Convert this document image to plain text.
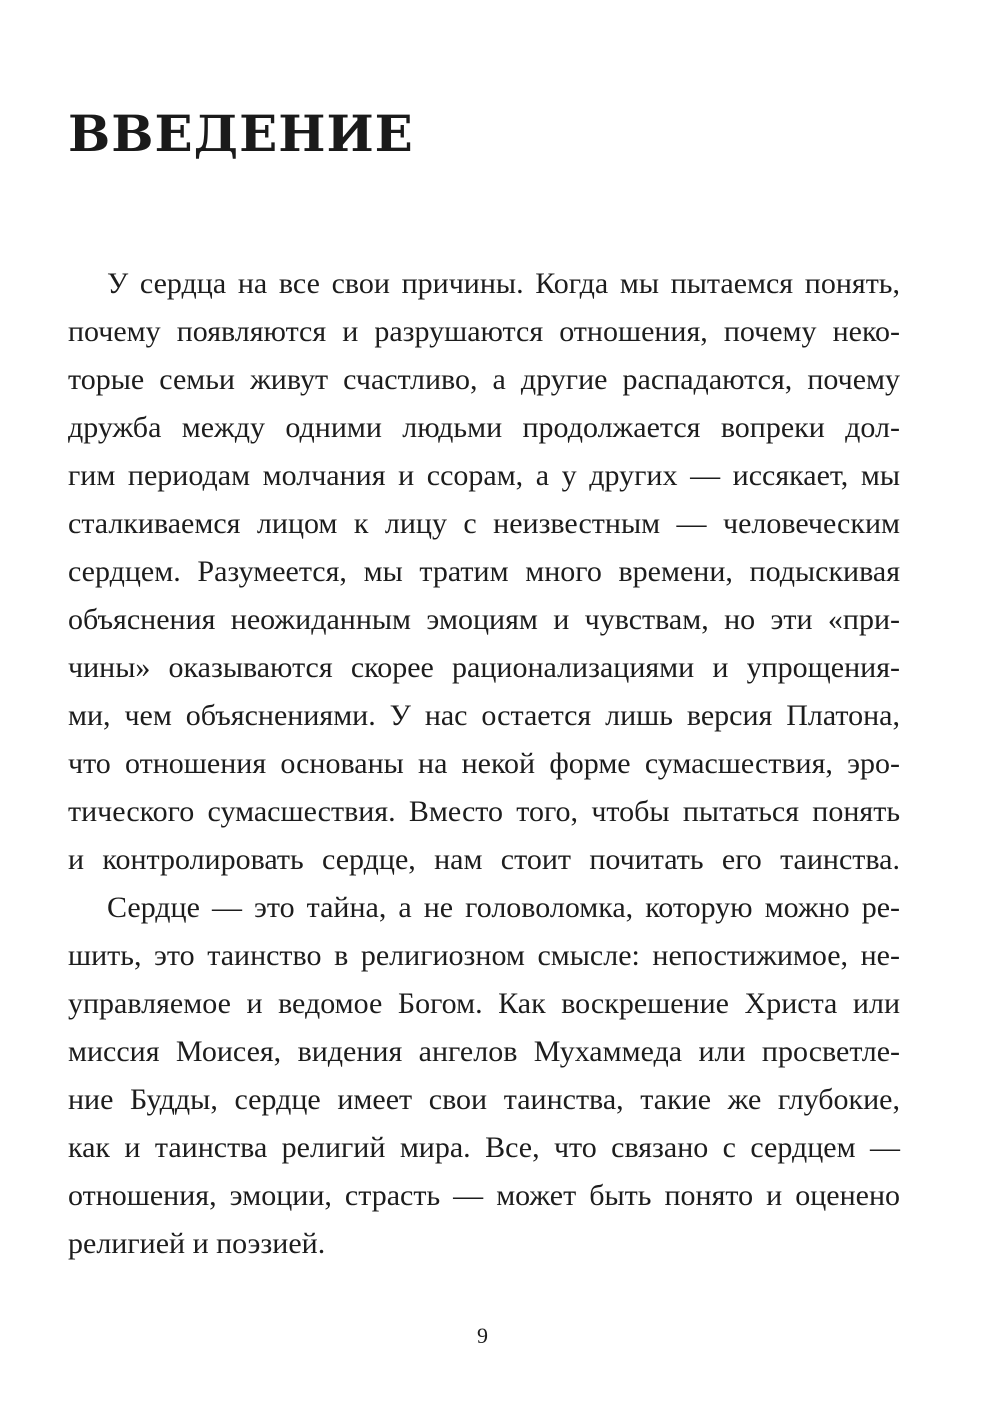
ВВЕДЕНИЕ
У сердца на все свои причины. Когда мы пытаемся понять,
почему появляются и разрушаются отношения, почему неко-
торые семьи живут счастливо, а другие распадаются, почему
дружба между одними людьми продолжается вопреки дол-
гим периодам молчания и ссорам, а у других — иссякает, мы
сталкиваемся лицом к лицу с неизвестным — человеческим
сердцем. Разумеется, мы тратим много времени, подыскивая
объяснения неожиданным эмоциям и чувствам, но эти «при-
чины» оказываются скорее рационализациями и упрощения-
ми, чем объяснениями. У нас остается лишь версия Платона,
что отношения основаны на некой форме сумасшествия, эро-
тического сумасшествия. Вместо того, чтобы пытаться понять
и контролировать сердце, нам стоит почитать его таинства.
Сердце — это тайна, а не головоломка, которую можно ре-
шить, это таинство в религиозном смысле: непостижимое, не-
управляемое и ведомое Богом. Как воскрешение Христа или
миссия Моисея, видения ангелов Мухаммеда или просветле-
ние Будды, сердце имеет свои таинства, такие же глубокие,
как и таинства религий мира. Все, что связано с сердцем —
отношения, эмоции, страсть — может быть понято и оценено
религией и поэзией.
9
